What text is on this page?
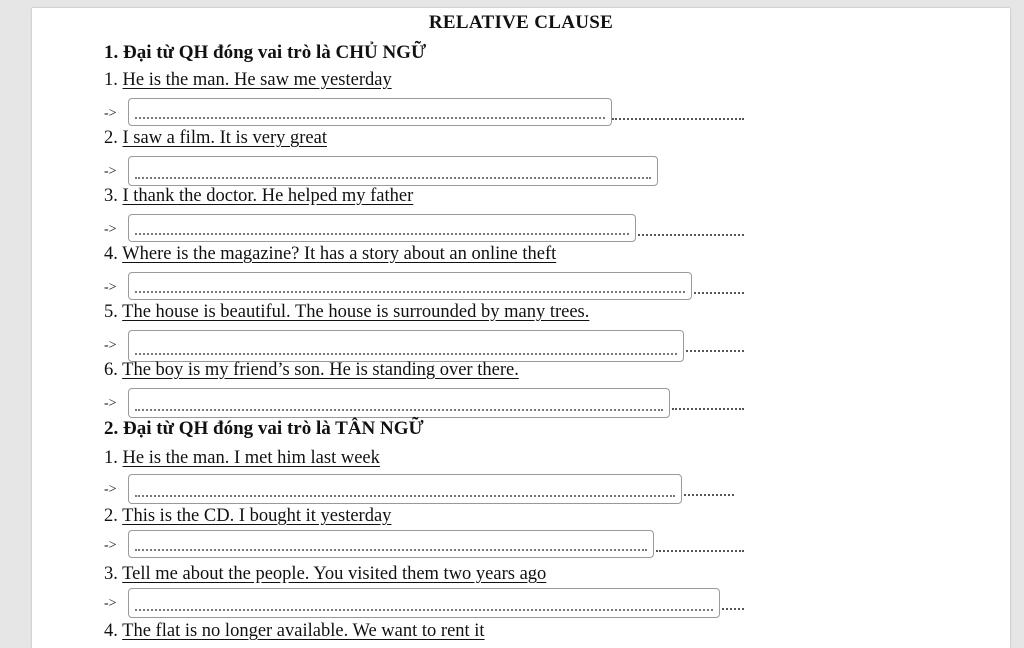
RELATIVE CLAUSE
1. Đại từ QH đóng vai trò là CHỦ NGỮ
1. He is the man. He saw me yesterday
->
2. I saw a film. It is very great
->
3. I thank the doctor. He helped my father
->
4. Where is the magazine? It has a story about an online theft
->
5. The house is beautiful. The house is surrounded by many trees.
->
6. The boy is my friend’s son. He is standing over there.
->
2. Đại từ QH đóng vai trò là TÂN NGỮ
1. He is the man. I met him last week
->
2. This is the CD. I bought it yesterday
->
3. Tell me about the people. You visited them two years ago
->
4. The flat is no longer available. We want to rent it
